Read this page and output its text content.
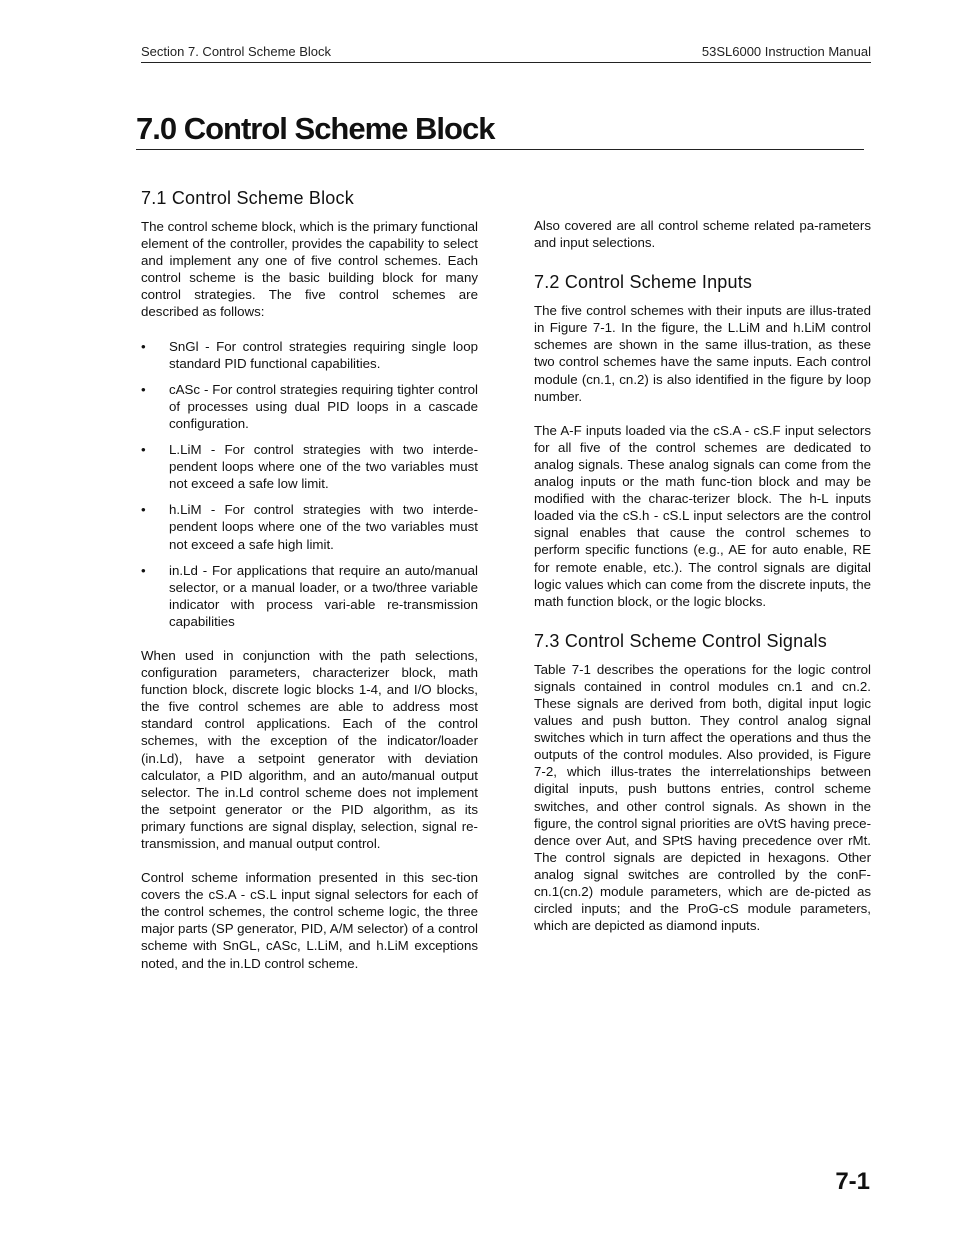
Section 7. Control Scheme Block	53SL6000 Instruction Manual
7.0 Control Scheme Block
7.1 Control Scheme Block

The control scheme block, which is the primary functional element of the controller, provides the capability to select and implement any one of five control schemes. Each control scheme is the basic building block for many control strategies. The five control schemes are described as follows:

• SnGl - For control strategies requiring single loop standard PID functional capabilities.
• cASc - For control strategies requiring tighter control of processes using dual PID loops in a cascade configuration.
• L.LiM - For control strategies with two interde-pendent loops where one of the two variables must not exceed a safe low limit.
• h.LiM - For control strategies with two interde-pendent loops where one of the two variables must not exceed a safe high limit.
• in.Ld - For applications that require an auto/manual selector, or a manual loader, or a two/three variable indicator with process vari-able re-transmission capabilities

When used in conjunction with the path selections, configuration parameters, characterizer block, math function block, discrete logic blocks 1-4, and I/O blocks, the five control schemes are able to address most standard control applications. Each of the control schemes, with the exception of the indicator/loader (in.Ld), have a setpoint generator with deviation calculator, a PID algorithm, and an auto/manual output selector. The in.Ld control scheme does not implement the setpoint generator or the PID algorithm, as its primary functions are signal display, selection, signal re-transmission, and manual output control.

Control scheme information presented in this sec-tion covers the cS.A - cS.L input signal selectors for each of the control schemes, the control scheme logic, the three major parts (SP generator, PID, A/M selector) of a control scheme with SnGL, cASc, L.LiM, and h.LiM exceptions noted, and the in.LD control scheme.

Also covered are all control scheme related pa-rameters and input selections.

7.2 Control Scheme Inputs

The five control schemes with their inputs are illus-trated in Figure 7-1. In the figure, the L.LiM and h.LiM control schemes are shown in the same illus-tration, as these two control schemes have the same inputs. Each control module (cn.1, cn.2) is also identified in the figure by loop number.

The A-F inputs loaded via the cS.A - cS.F input selectors for all five of the control schemes are dedicated to analog signals. These analog signals can come from the analog inputs or the math func-tion block and may be modified with the charac-terizer block. The h-L inputs loaded via the cS.h - cS.L input selectors are the control signal enables that cause the control schemes to perform specific functions (e.g., AE for auto enable, RE for remote enable, etc.). The control signals are digital logic values which can come from the discrete inputs, the math function block, or the logic blocks.

7.3 Control Scheme Control Signals

Table 7-1 describes the operations for the logic control signals contained in control modules cn.1 and cn.2. These signals are derived from both, digital input logic values and push button. They control analog signal switches which in turn affect the operations and thus the outputs of the control modules. Also provided, is Figure 7-2, which illus-trates the interrelationships between digital inputs, push buttons entries, control scheme switches, and other control signals. As shown in the figure, the control signal priorities are oVtS having prece-dence over Aut, and SPtS having precedence over rMt. The control signals are depicted in hexagons. Other analog signal switches are controlled by the conF-cn.1(cn.2) module parameters, which are de-picted as circled inputs; and the ProG-cS module parameters, which are depicted as diamond inputs.

7-1
